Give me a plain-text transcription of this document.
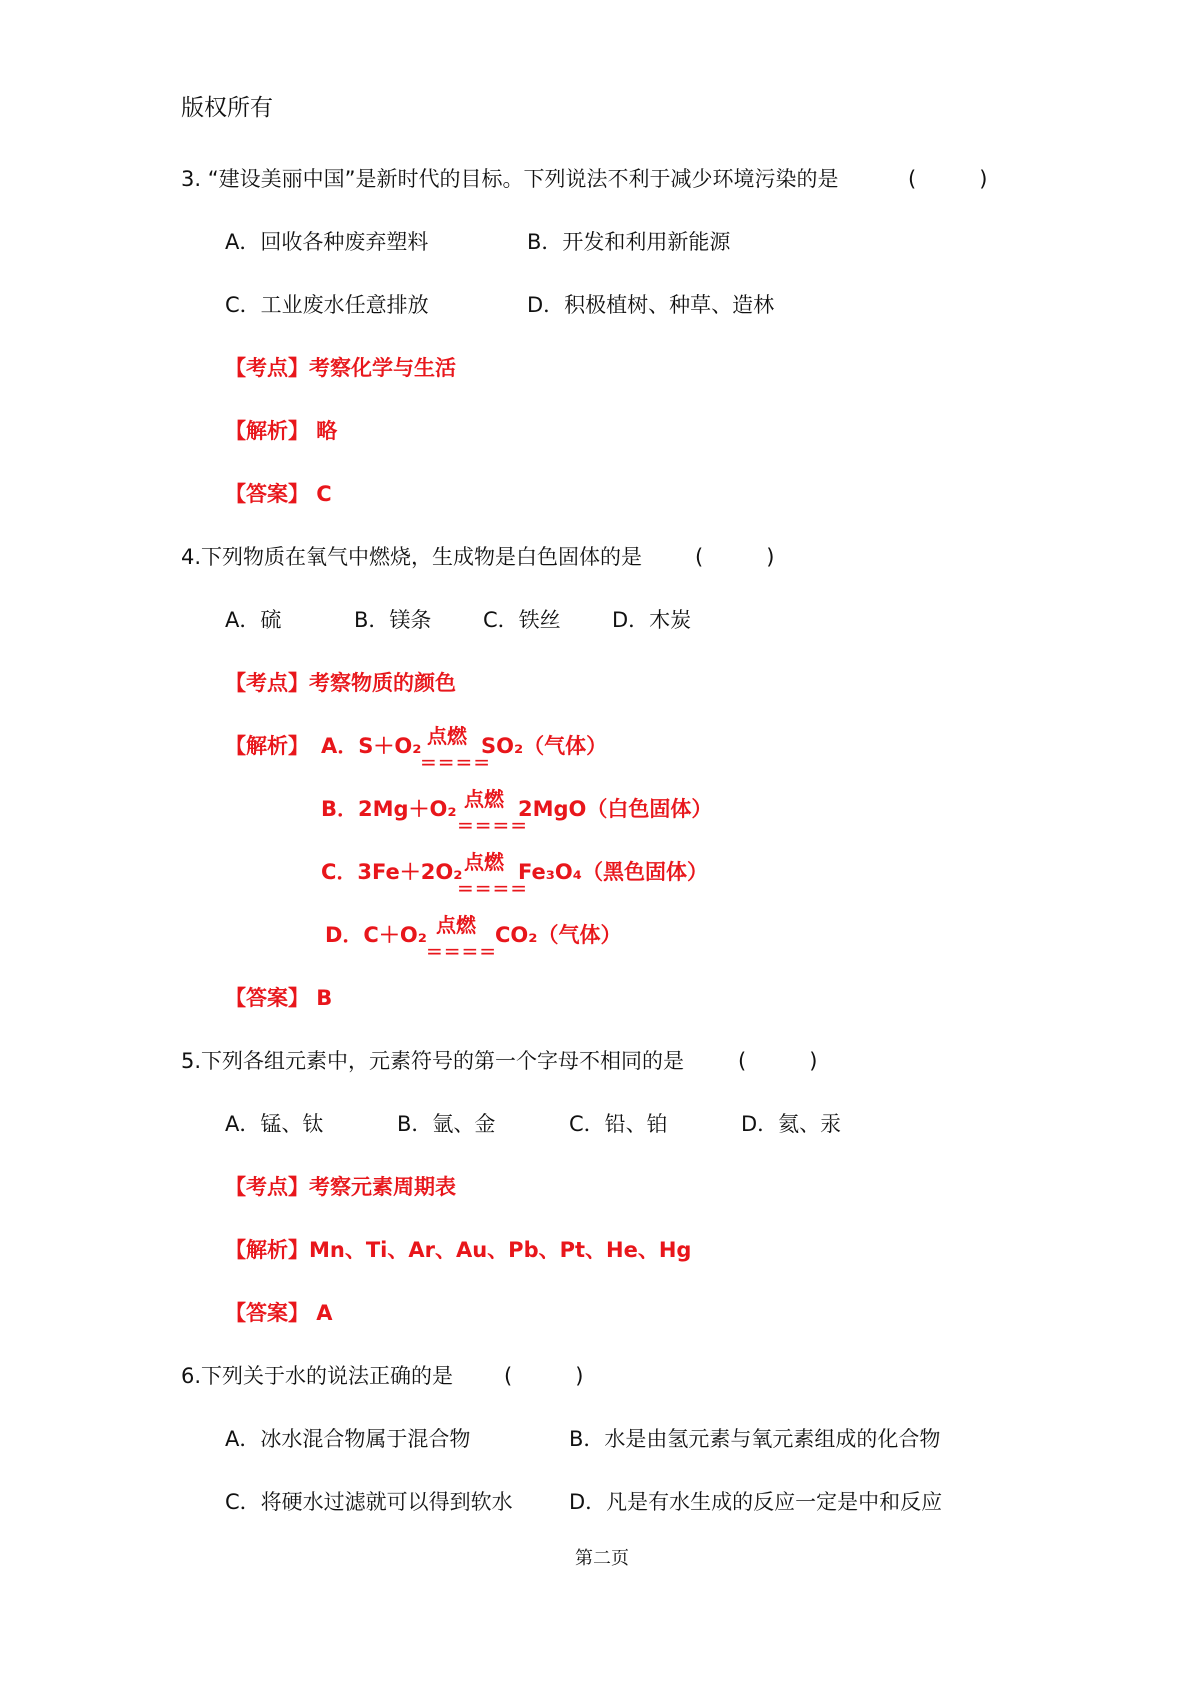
版权所有
3. “建设美丽中国”是新时代的目标。下列说法不利于减少环境污染的是	(　　　)
A．回收各种废弃塑料	B．开发和利用新能源
C．工业废水任意排放	D．积极植树、种草、造林
【考点】考察化学与生活
【解析】 略
【答案】 C
4.下列物质在氧气中燃烧，生成物是白色固体的是	(　　　)
A．硫	B．镁条 C．铁丝 D．木炭
【考点】考察物质的颜色
【解析】 A．S＋O₂ 点燃
====
SO₂（气体）
B．2Mg＋O₂ 点燃
====
2MgO（白色固体）
C．3Fe＋2O₂ 点燃
====
Fe₃O₄（黑色固体）
D．C＋O₂ 点燃
====
CO₂（气体）
【答案】 B
5.下列各组元素中，元素符号的第一个字母不相同的是	(　　　)
A．锰、钛	B．氩、金	C．铅、铂	D．氦、汞
【考点】考察元素周期表
【解析】Mn、Ti、Ar、Au、Pb、Pt、He、Hg
【答案】 A
6.下列关于水的说法正确的是 (　　　)
A．冰水混合物属于混合物	B．水是由氢元素与氧元素组成的化合物
C．将硬水过滤就可以得到软水	D．凡是有水生成的反应一定是中和反应
第二页
